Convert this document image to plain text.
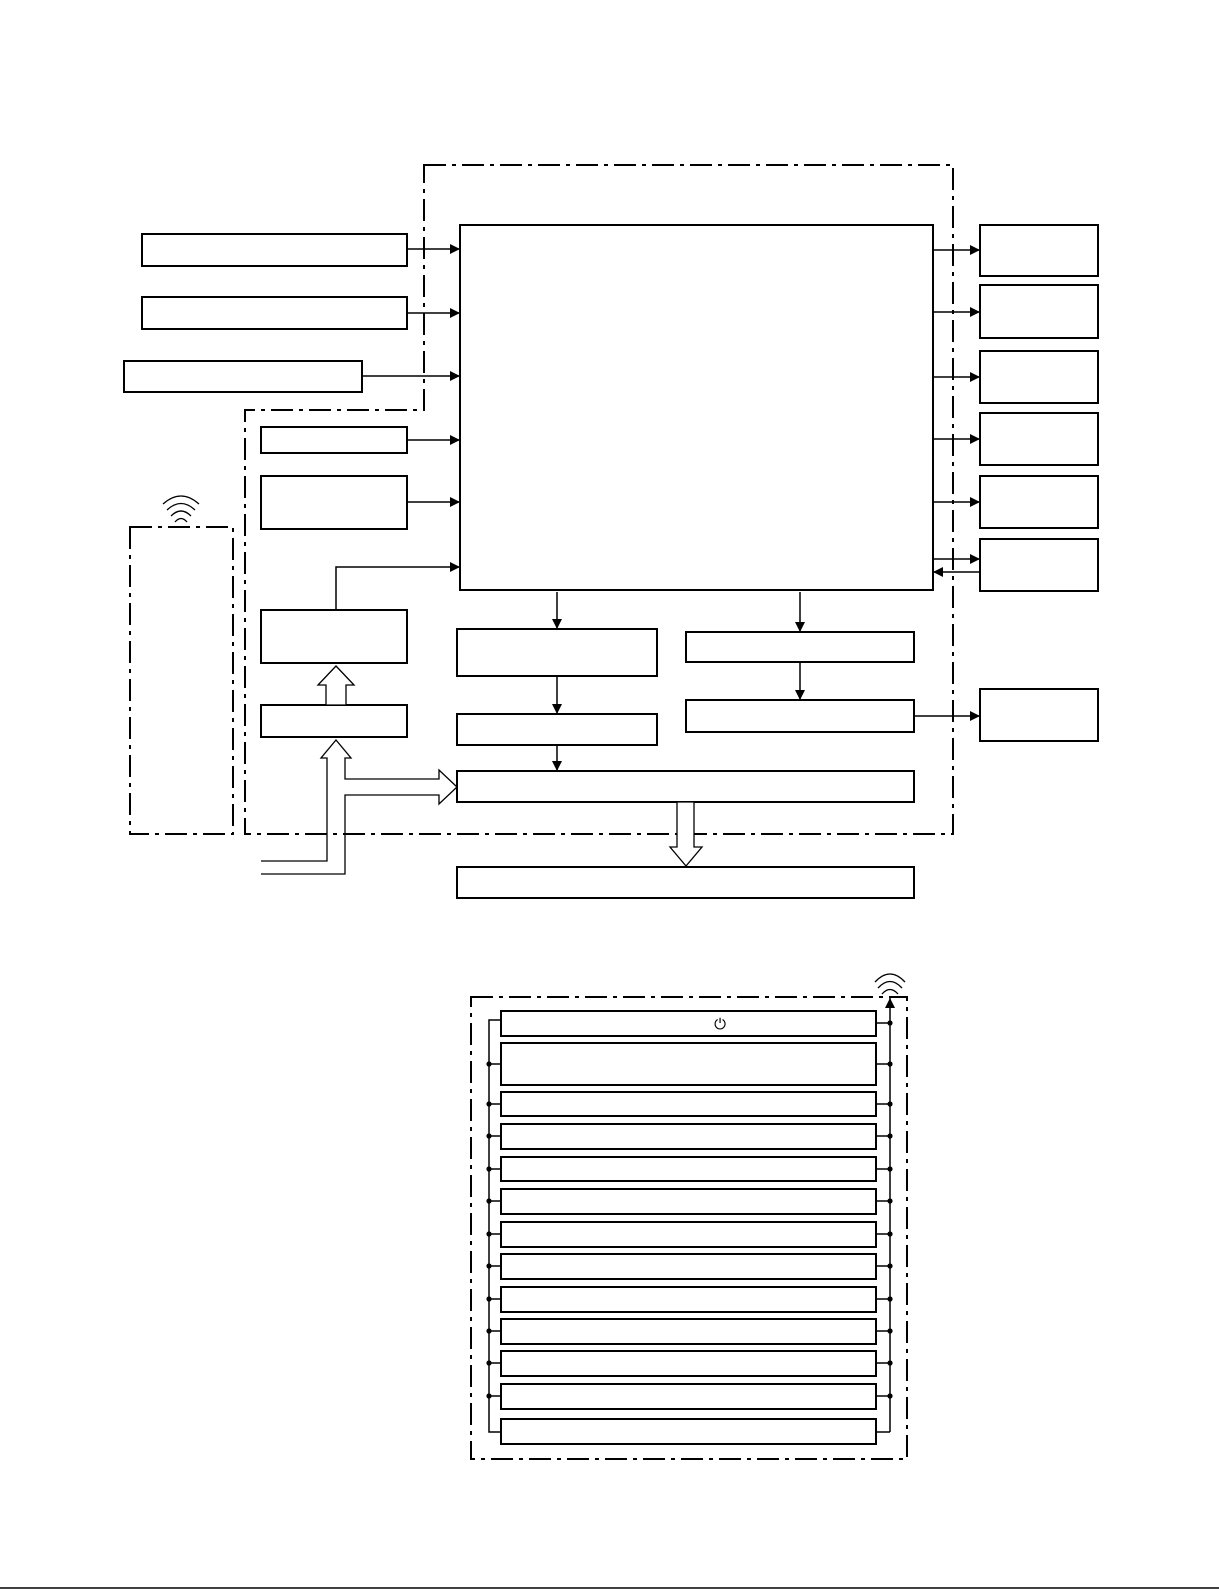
⏻
